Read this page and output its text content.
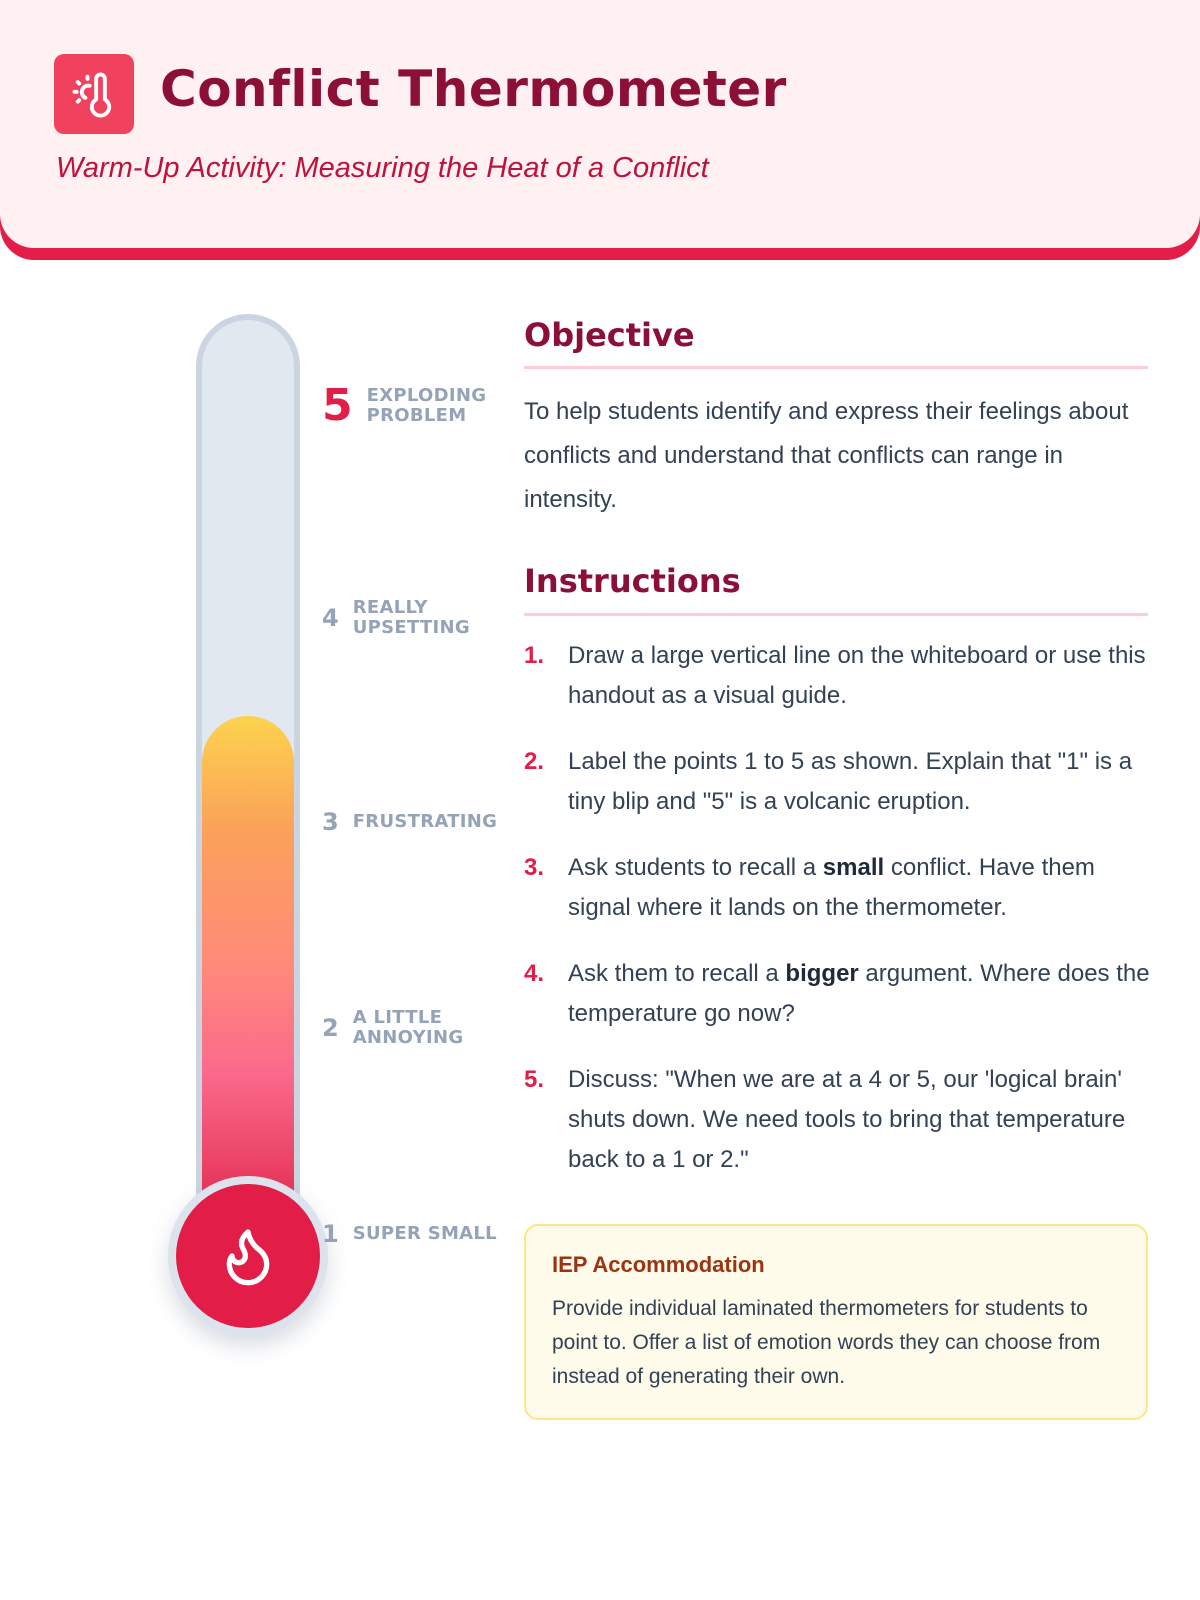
Conflict Thermometer
Warm-Up Activity: Measuring the Heat of a Conflict
5 EXPLODING PROBLEM
4 REALLY UPSETTING
3 FRUSTRATING
2 A LITTLE ANNOYING
1 SUPER SMALL
Objective

To help students identify and express their feelings about conflicts and understand that conflicts can range in intensity.

Instructions
1. Draw a large vertical line on the whiteboard or use this handout as a visual guide.
2. Label the points 1 to 5 as shown. Explain that "1" is a tiny blip and "5" is a volcanic eruption.
3. Ask students to recall a small conflict. Have them signal where it lands on the thermometer.
4. Ask them to recall a bigger argument. Where does the temperature go now?
5. Discuss: "When we are at a 4 or 5, our 'logical brain' shuts down. We need tools to bring that temperature back to a 1 or 2."
IEP Accommodation
Provide individual laminated thermometers for students to point to. Offer a list of emotion words they can choose from instead of generating their own.
